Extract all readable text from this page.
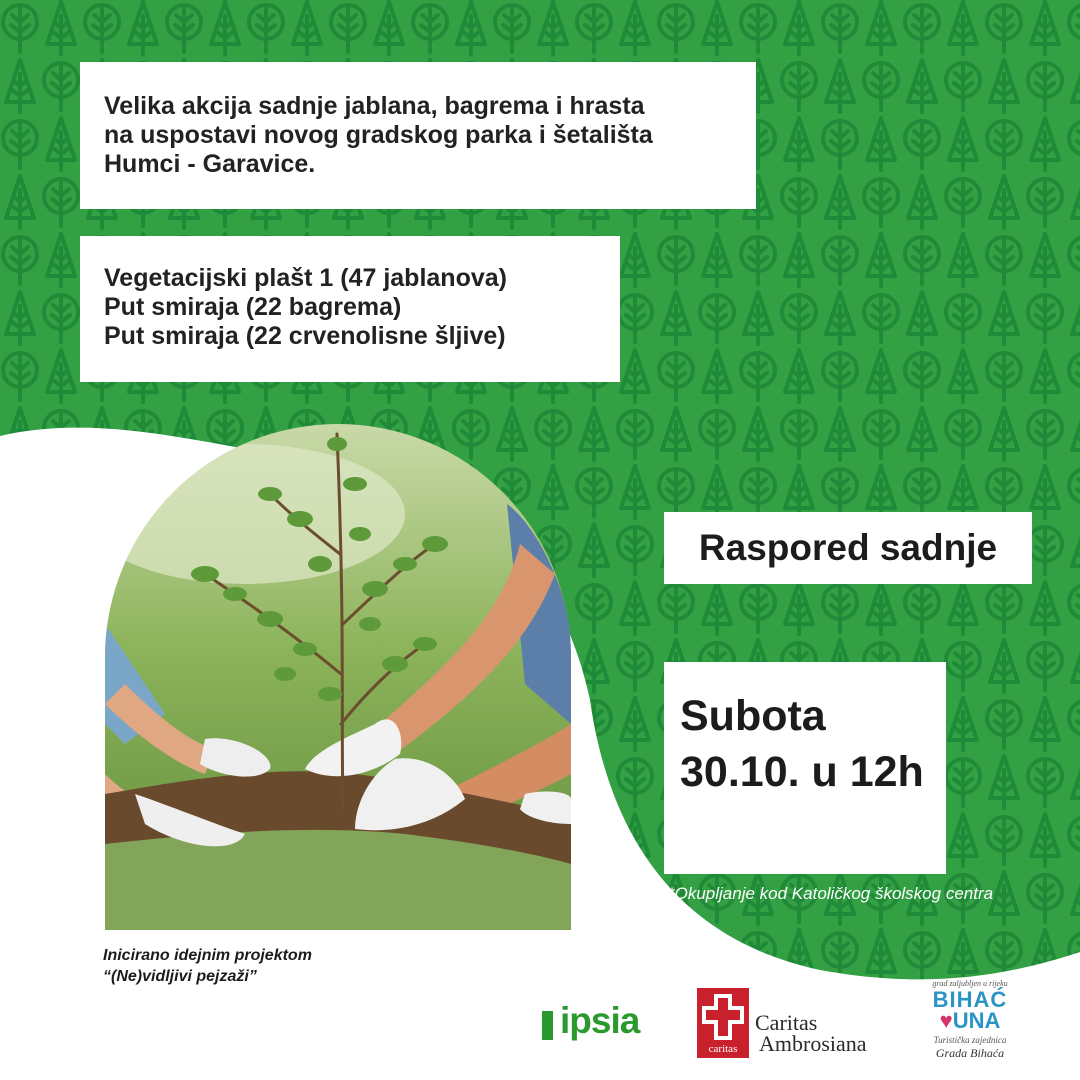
Velika akcija sadnje jablana, bagrema i hrasta

na uspostavi novog gradskog parka i šetališta

Humci - Garavice.

Vegetacijski plašt 1 (47 jablanova)

Put smiraja (22 bagrema)

Put smiraja (22 crvenolisne šljive)

Raspored sadnje

Subota

30.10. u 12h

*Okupljanje kod Katoličkog školskog centra

Inicirano idejnim projektom

“(Ne)vidljivi pejzaži”

ipsia
caritas

Caritas

Ambrosiana

grad zaljubljen u rijeku
BIHAĆ
♥UNA
Turistička zajednica
Grada Bihaća
